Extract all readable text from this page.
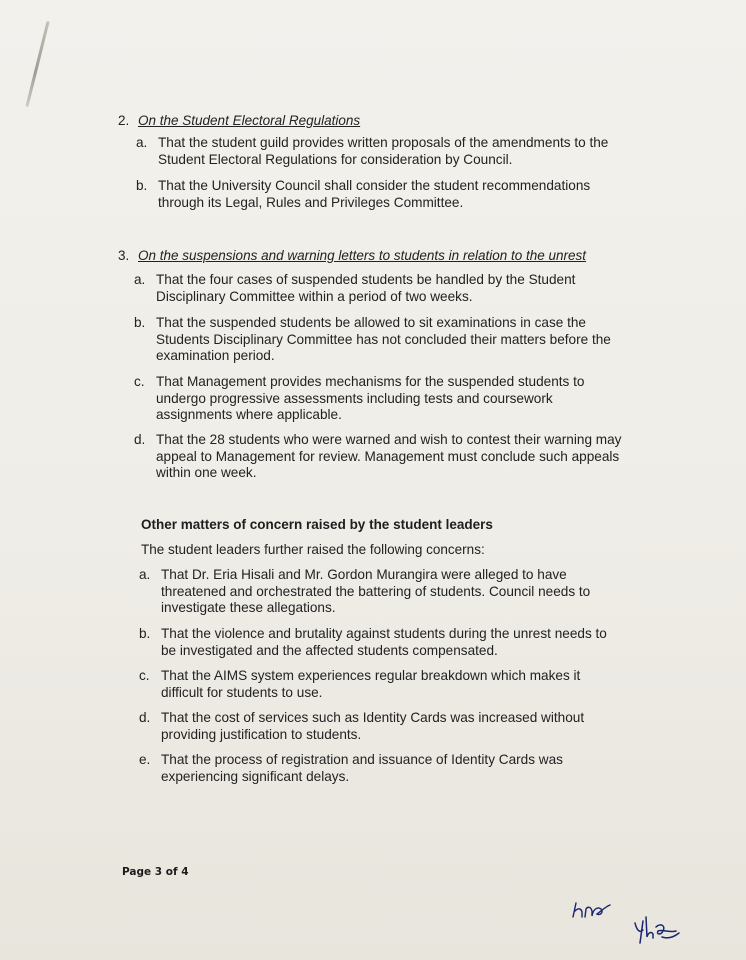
2. On the Student Electoral Regulations
a. That the student guild provides written proposals of the amendments to the
Student Electoral Regulations for consideration by Council.
b. That the University Council shall consider the student recommendations
through its Legal, Rules and Privileges Committee.
3. On the suspensions and warning letters to students in relation to the unrest
a. That the four cases of suspended students be handled by the Student
Disciplinary Committee within a period of two weeks.
b. That the suspended students be allowed to sit examinations in case the
Students Disciplinary Committee has not concluded their matters before the
examination period.
c. That Management provides mechanisms for the suspended students to
undergo progressive assessments including tests and coursework
assignments where applicable.
d. That the 28 students who were warned and wish to contest their warning may
appeal to Management for review. Management must conclude such appeals
within one week.
Other matters of concern raised by the student leaders
The student leaders further raised the following concerns:
a. That Dr. Eria Hisali and Mr. Gordon Murangira were alleged to have
threatened and orchestrated the battering of students. Council needs to
investigate these allegations.
b. That the violence and brutality against students during the unrest needs to
be investigated and the affected students compensated.
c. That the AIMS system experiences regular breakdown which makes it
difficult for students to use.
d. That the cost of services such as Identity Cards was increased without
providing justification to students.
e. That the process of registration and issuance of Identity Cards was
experiencing significant delays.
Page 3 of 4
